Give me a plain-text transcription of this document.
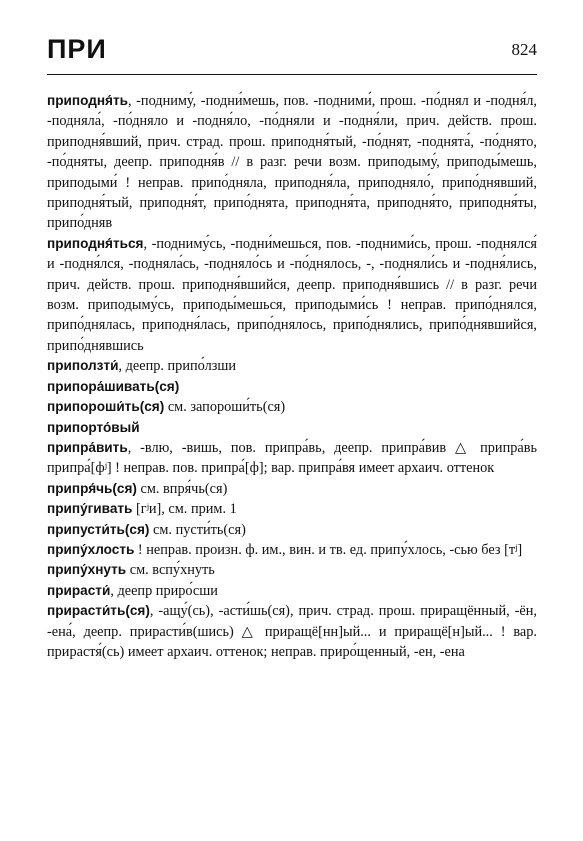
ПРИ	824

приподня́ть, -подниму́, -подни́мешь, пов. -подними́, прош. -по́днял и -подня́л, -подняла́, -по́дняло и -подня́ло, -по́дняли и -подня́ли, прич. действ. прош. приподня́вший, прич. страд. прош. приподня́тый, -по́днят, -поднята́, -по́днято, -по́дняты, деепр. приподня́в // в разг. речи возм. приподыму́, приподы́мешь, приподыми́ ! неправ. припо́дняла, приподня́ла, приподняло́, припо́днявший, приподня́тый, приподня́т, припо́днята, приподня́та, приподня́то, приподня́ты, припо́дняв

приподня́ться, -подниму́сь, -подни́мешься, пов. -подними́сь, прош. -поднялся́ и -подня́лся, -подняла́сь, -подняло́сь и -по́днялось, -, -подняли́сь и -подня́лись, прич. действ. прош. приподня́вшийся, деепр. приподня́вшись // в разг. речи возм. приподыму́сь, приподы́мешься, приподыми́сь ! неправ. припо́днялся, припо́днялась, приподня́лась, припо́днялось, припо́днялись, припо́днявшийся, припо́днявшись

приползти́, деепр. припо́лзши

припора́шивать(ся)

припороши́ть(ся) см. запороши́ть(ся)

припорто́вый

припра́вить, -влю, -вишь, пов. припра́вь, деепр. припра́вив △ припра́вь припра́[фʲ] ! неправ. пов. припра́[ф]; вар. припра́вя имеет архаич. оттенок

припря́чь(ся) см. впря́чь(ся)

припу́гивать [гʲи], см. прим. 1

припусти́ть(ся) см. пусти́ть(ся)

припу́хлость ! неправ. произн. ф. им., вин. и тв. ед. припу́хлось, -сью без [тʲ]

припу́хнуть см. вспу́хнуть

прирасти́, деепр приро́сши

прирасти́ть(ся), -ащу́(сь), -асти́шь(ся), прич. страд. прош. приращённый, -ён, -ена́, деепр. прирасти́в(шись) △ приращё[нн]ый... и приращё[н]ый... ! вар. прирастя́(сь) имеет архаич. оттенок; неправ. приро́щенный, -ен, -ена
